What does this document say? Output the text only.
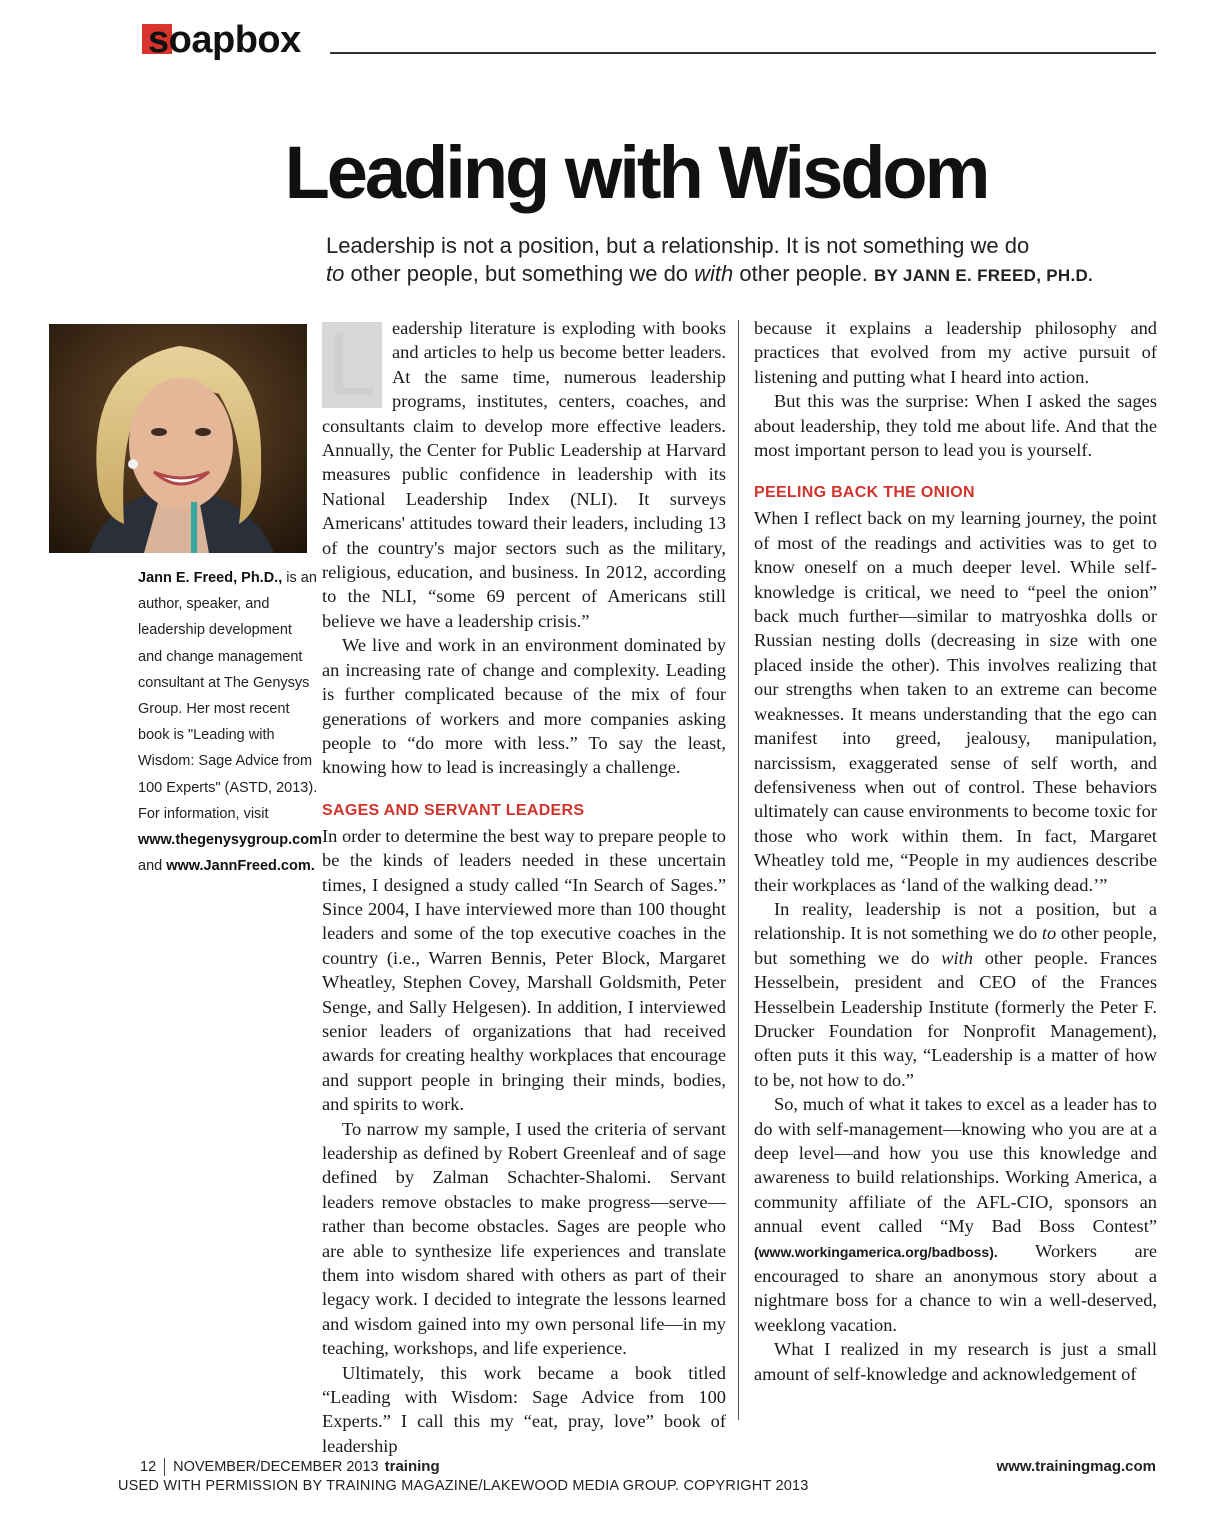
soapbox
Leading with Wisdom
Leadership is not a position, but a relationship. It is not something we do
to other people, but something we do with other people. BY JANN E. FREED, PH.D.
Jann E. Freed, Ph.D., is an author, speaker, and leadership development and change management consultant at The Genysys Group. Her most recent book is "Leading with Wisdom: Sage Advice from 100 Experts" (ASTD, 2013). For information, visit www.thegenysygroup.com and www.JannFreed.com.

L eadership literature is exploding with books and articles to help us become better leaders. At the same time, numerous leadership programs, institutes, centers, coaches, and consultants claim to develop more effective leaders. Annually, the Center for Public Leadership at Harvard measures public confidence in leadership with its National Leadership Index (NLI). It surveys Americans' attitudes toward their leaders, including 13 of the country's major sectors such as the military, religious, education, and business. In 2012, according to the NLI, “some 69 percent of Americans still believe we have a leadership crisis.”

We live and work in an environment dominated by an increasing rate of change and complexity. Leading is further complicated because of the mix of four generations of workers and more companies asking people to “do more with less.” To say the least, knowing how to lead is increasingly a challenge.

SAGES AND SERVANT LEADERS

In order to determine the best way to prepare people to be the kinds of leaders needed in these uncertain times, I designed a study called “In Search of Sages.” Since 2004, I have interviewed more than 100 thought leaders and some of the top executive coaches in the country (i.e., Warren Bennis, Peter Block, Margaret Wheatley, Stephen Covey, Marshall Goldsmith, Peter Senge, and Sally Helgesen). In addition, I interviewed senior leaders of organizations that had received awards for creating healthy workplaces that encourage and support people in bringing their minds, bodies, and spirits to work.

To narrow my sample, I used the criteria of servant leadership as defined by Robert Greenleaf and of sage defined by Zalman Schachter-Shalomi. Servant leaders remove obstacles to make progress—serve—rather than become obstacles. Sages are people who are able to synthesize life experiences and translate them into wisdom shared with others as part of their legacy work. I decided to integrate the lessons learned and wisdom gained into my own personal life—in my teaching, workshops, and life experience.

Ultimately, this work became a book titled “Leading with Wisdom: Sage Advice from 100 Experts.” I call this my “eat, pray, love” book of leadership

because it explains a leadership philosophy and practices that evolved from my active pursuit of listening and putting what I heard into action.

But this was the surprise: When I asked the sages about leadership, they told me about life. And that the most important person to lead you is yourself.

PEELING BACK THE ONION

When I reflect back on my learning journey, the point of most of the readings and activities was to get to know oneself on a much deeper level. While self-knowledge is critical, we need to “peel the onion” back much further—similar to matryoshka dolls or Russian nesting dolls (decreasing in size with one placed inside the other). This involves realizing that our strengths when taken to an extreme can become weaknesses. It means understanding that the ego can manifest into greed, jealousy, manipulation, narcissism, exaggerated sense of self worth, and defensiveness when out of control. These behaviors ultimately can cause environments to become toxic for those who work within them. In fact, Margaret Wheatley told me, “People in my audiences describe their workplaces as ‘land of the walking dead.’”

In reality, leadership is not a position, but a relationship. It is not something we do to other people, but something we do with other people. Frances Hesselbein, president and CEO of the Frances Hesselbein Leadership Institute (formerly the Peter F. Drucker Foundation for Nonprofit Management), often puts it this way, “Leadership is a matter of how to be, not how to do.”

So, much of what it takes to excel as a leader has to do with self-management—knowing who you are at a deep level—and how you use this knowledge and awareness to build relationships. Working America, a community affiliate of the AFL-CIO, sponsors an annual event called “My Bad Boss Contest” (www.workingamerica.org/badboss). Workers are encouraged to share an anonymous story about a nightmare boss for a chance to win a well-deserved, weeklong vacation.

What I realized in my research is just a small amount of self-knowledge and acknowledgement of

12 NOVEMBER/DECEMBER 2013 training	www.trainingmag.com
USED WITH PERMISSION BY TRAINING MAGAZINE/LAKEWOOD MEDIA GROUP. COPYRIGHT 2013
